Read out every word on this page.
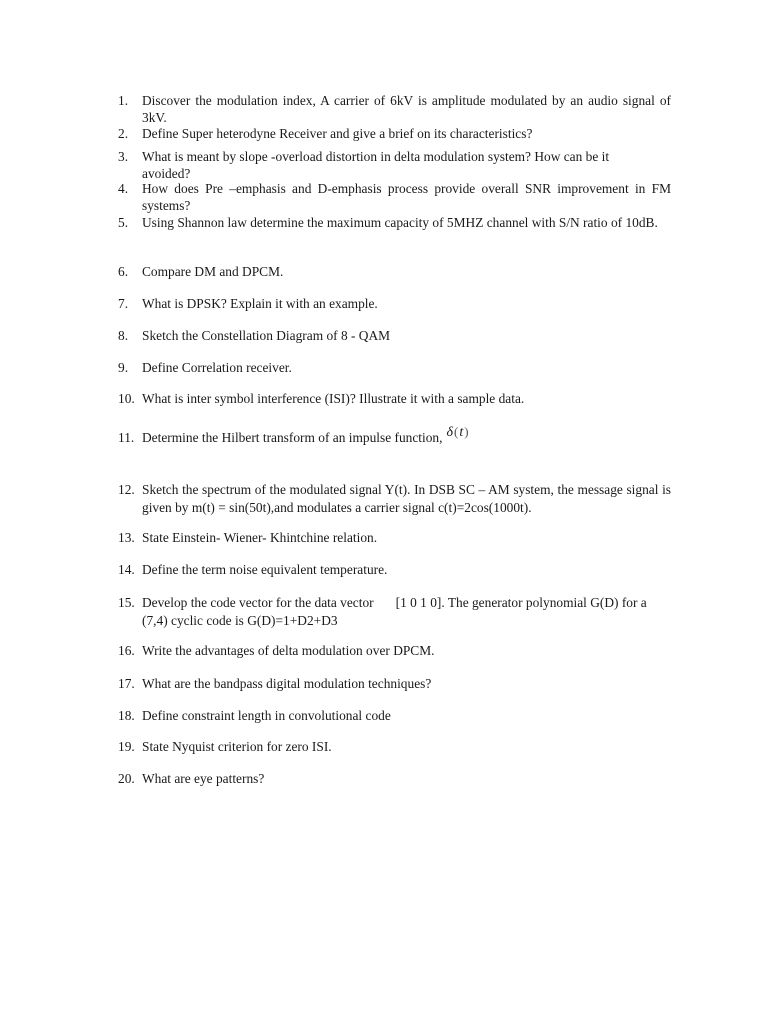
1.	Discover the modulation index, A carrier of 6kV is amplitude modulated by an audio signal of 3kV.
2.	Define Super heterodyne Receiver and give a brief on its characteristics?
3.	What is meant by slope -overload distortion in delta modulation system? How can be it avoided?
4.	How does Pre –emphasis and D-emphasis process provide overall SNR improvement in FM systems?
5.	Using Shannon law determine the maximum capacity of 5MHZ channel with S/N ratio of 10dB.
6.	Compare DM and DPCM.
7.	What is DPSK? Explain it with an example.
8.	Sketch the Constellation Diagram of 8 - QAM
9.	Define Correlation receiver.
10. What is inter symbol interference (ISI)? Illustrate it with a sample data.
11. Determine the Hilbert transform of an impulse function, δ(t)
12. Sketch the spectrum of the modulated signal Y(t). In DSB SC – AM system, the message signal is given by m(t) = sin(50t),and modulates a carrier signal c(t)=2cos(1000t).
13. State Einstein- Wiener- Khintchine relation.
14. Define the term noise equivalent temperature.
15. Develop the code vector for the data vector [1 0 1 0]. The generator polynomial G(D) for a (7,4) cyclic code is G(D)=1+D2+D3
16. Write the advantages of delta modulation over DPCM.
17. What are the bandpass digital modulation techniques?
18. Define constraint length in convolutional code
19. State Nyquist criterion for zero ISI.
20. What are eye patterns?
